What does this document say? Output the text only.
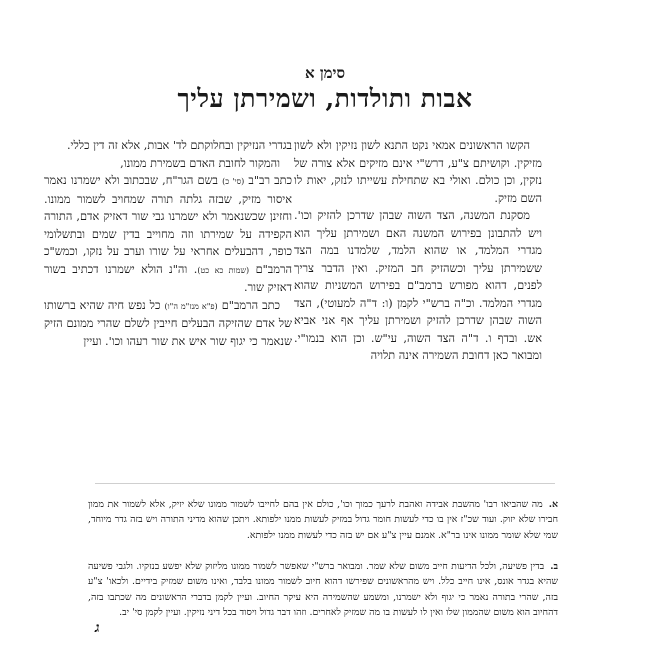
סימן א
אבות ותולדות, ושמירתן עליך

הקשו הראשונים אמאי נקט התנא לשון נזיקין ולא לשון מזיקין. וקושיתם צ"ע, דרש"י אינם מזיקים אלא צורה של נזקין, וכן כולם. ואולי בא שתחילת עשייתו לנזק, יאות לו השם מזיק.

מסקנת המשנה, הצד השוה שבהן שדרכן להזיק וכו'. ויש להתבונן בפירוש המשנה האם ושמירתן עליך הוא מגדרי המלמד, או שהוא הלמד, שלמדנו במה הצד ששמירתן עליך וכשהזיק חב המזיק. ואין הדבר צריך לפנים, דהוא מפורש ברמב"ם בפירוש המשניות שהוא מגדרי המלמד. וכ"ה ברש"י לקמן (ו: ד"ה למעוטי), הצד השוה שבהן שדרכן להזיק ושמירתן עליך אף אני אביא אש. ובדף ו. ד"ה הצד השוה, עי"ש. וכן הוא בנמו"י. ומבואר כאן דחובת השמירה אינה תלויה

בגדרי הנזיקין ובחלוקתם לד' אבות, אלא זה דין כללי.

והמקור לחובת האדם בשמירת ממונו,

כתב רב"ב (סי' כ) בשם הגר"ח, שבכתוב ולא ישמרנו נאמר איסור מזיק, שבזה גלתה תורה שמחויב לשמור ממונו. וחזינן שכשנאמר ולא ישמרנו גבי שור דאזיק אדם, התורה הקפידה על שמירתו וזה מחוייב בדין שמים ובתשלומי כופר, דהבעלים אחראי על שורו וערב על נזקו, וכמש"כ הרמב"ם (שמות כא כט). וה"נ הולא ישמרנו דכתיב בשור דאזיק שור.

כתב הרמב"ם (פ"א מנז"מ ה"ו) כל נפש חיה שהיא ברשותו של אדם שהזיקה הבעלים חייבין לשלם שהרי ממונם הזיק שנאמר כי יגוף שור איש את שור רעהו וכו'. ועיין

א.מה שהביאו רבו' מהשבת אבידה ואהבת לרעך כמוך וכו', כולם אין בהם לחייבו לשמור ממונו שלא יזיק, אלא לשמור את ממון חבירו שלא יזוק. ועוד שכ"ז אין בו כדי לעשות חומר גדול במזיק לעשות ממנו ילפותא. ויתכן שהוא מדיני התורה ויש בזה גדר מיוחד, שמי שלא שומר ממונו אינו בר"א. אמנם עיין צ"ע אם יש בזה כדי לעשות ממנו ילפותא.
ב.בדין פשיעה, ולכל הדיעות חייב משום שלא שמר. ומבואר ברש"י שאפשר לשמור ממונו מליזוק שלא יפשע בנזקיו. ולגבי פשיעה שהיא בגדר אונס, אינו חייב כלל. ויש מהראשונים שפירשו דהוא חיוב לשמור ממונו בלבד, ואינו משום שמזיק בידיים. ולכאו' צ"ע בזה, שהרי בתורה נאמר כי יגוף ולא ישמרנו, ומשמע שהשמירה היא עיקר החיוב. ועיין לקמן בדברי הראשונים מה שכתבו בזה, דהחיוב הוא משום שהממון שלו ואין לו לעשות בו מה שמזיק לאחרים. וזהו דבר גדול ויסוד בכל דיני נזיקין. ועיין לקמן סי' יב.
ג
